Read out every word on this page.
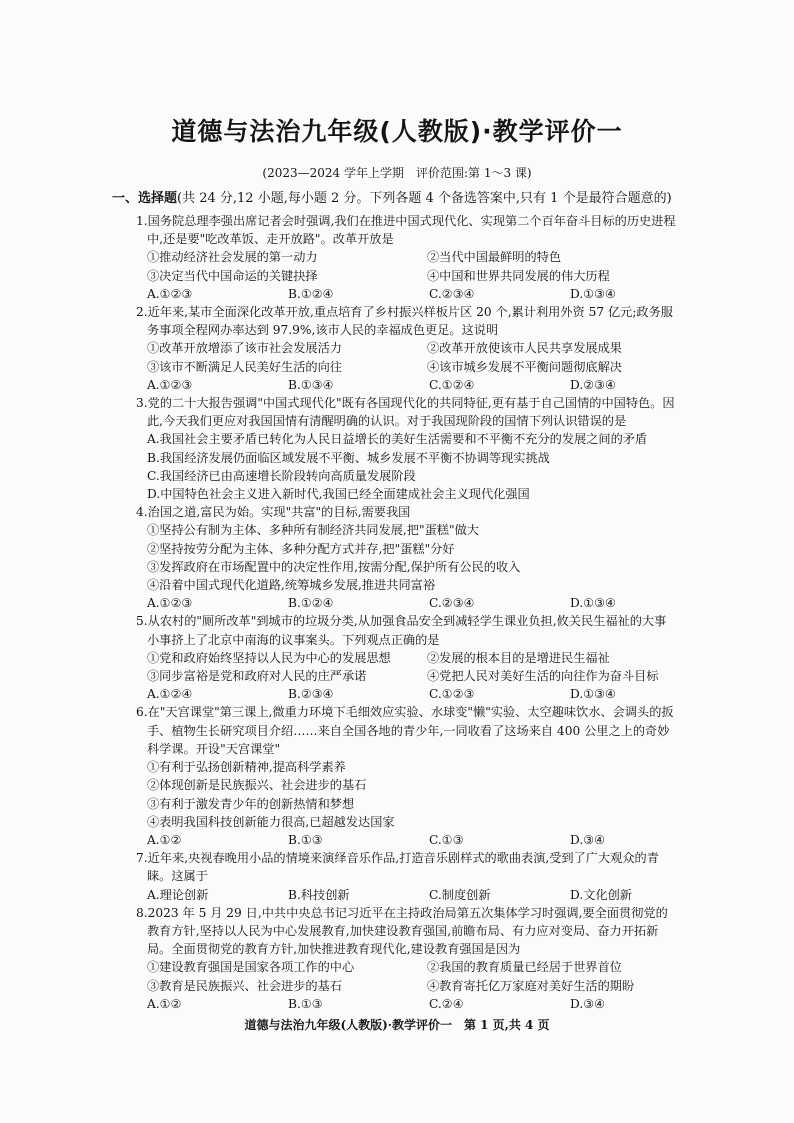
道德与法治九年级(人教版)·教学评价一
(2023—2024 学年上学期　评价范围:第 1～3 课)
一、选择题(共 24 分,12 小题,每小题 2 分。下列各题 4 个备选答案中,只有 1 个是最符合题意的)
1.国务院总理李强出席记者会时强调,我们在推进中国式现代化、实现第二个百年奋斗目标的历史进程中,还是要"吃改革饭、走开放路"。改革开放是
①推动经济社会发展的第一动力	②当代中国最鲜明的特色
③决定当代中国命运的关键抉择	④中国和世界共同发展的伟大历程
A.①②③	B.①②④	C.②③④	D.①③④
2.近年来,某市全面深化改革开放,重点培育了乡村振兴样板片区 20 个,累计利用外资 57 亿元;政务服务事项全程网办率达到 97.9%,该市人民的幸福成色更足。这说明
①改革开放增添了该市社会发展活力	②改革开放使该市人民共享发展成果
③该市不断满足人民美好生活的向往	④该市城乡发展不平衡问题彻底解决
A.①②③	B.①③④	C.①②④	D.②③④
3.党的二十大报告强调"中国式现代化"既有各国现代化的共同特征,更有基于自己国情的中国特色。因此,今天我们更应对我国国情有清醒明确的认识。对于我国现阶段的国情下列认识错误的是
A.我国社会主要矛盾已转化为人民日益增长的美好生活需要和不平衡不充分的发展之间的矛盾
B.我国经济发展仍面临区域发展不平衡、城乡发展不平衡不协调等现实挑战
C.我国经济已由高速增长阶段转向高质量发展阶段
D.中国特色社会主义进入新时代,我国已经全面建成社会主义现代化强国
4.治国之道,富民为始。实现"共富"的目标,需要我国
①坚持公有制为主体、多种所有制经济共同发展,把"蛋糕"做大
②坚持按劳分配为主体、多种分配方式并存,把"蛋糕"分好
③发挥政府在市场配置中的决定性作用,按需分配,保护所有公民的收入
④沿着中国式现代化道路,统筹城乡发展,推进共同富裕
A.①②③	B.①②④	C.②③④	D.①③④
5.从农村的"厕所改革"到城市的垃圾分类,从加强食品安全到减轻学生课业负担,攸关民生福祉的大事小事挤上了北京中南海的议事案头。下列观点正确的是
①党和政府始终坚持以人民为中心的发展思想	②发展的根本目的是增进民生福祉
③同步富裕是党和政府对人民的庄严承诺	④党把人民对美好生活的向往作为奋斗目标
A.①②④	B.②③④	C.①②③	D.①③④
6.在"天宫课堂"第三课上,微重力环境下毛细效应实验、水球变"懒"实验、太空趣味饮水、会调头的扳手、植物生长研究项目介绍……来自全国各地的青少年,一同收看了这场来自 400 公里之上的奇妙科学课。开设"天宫课堂"
①有利于弘扬创新精神,提高科学素养
②体现创新是民族振兴、社会进步的基石
③有利于激发青少年的创新热情和梦想
④表明我国科技创新能力很高,已超越发达国家
A.①②	B.①③	C.①③	D.③④
7.近年来,央视春晚用小品的情境来演绎音乐作品,打造音乐剧样式的歌曲表演,受到了广大观众的青睐。这属于
A.理论创新	B.科技创新	C.制度创新	D.文化创新
8.2023 年 5 月 29 日,中共中央总书记习近平在主持政治局第五次集体学习时强调,要全面贯彻党的教育方针,坚持以人民为中心发展教育,加快建设教育强国,前瞻布局、有力应对变局、奋力开拓新局。全面贯彻党的教育方针,加快推进教育现代化,建设教育强国是因为
①建设教育强国是国家各项工作的中心	②我国的教育质量已经居于世界首位
③教育是民族振兴、社会进步的基石	④教育寄托亿万家庭对美好生活的期盼
A.①②	B.①③	C.②④	D.③④
道德与法治九年级(人教版)·教学评价一　第 1 页,共 4 页
